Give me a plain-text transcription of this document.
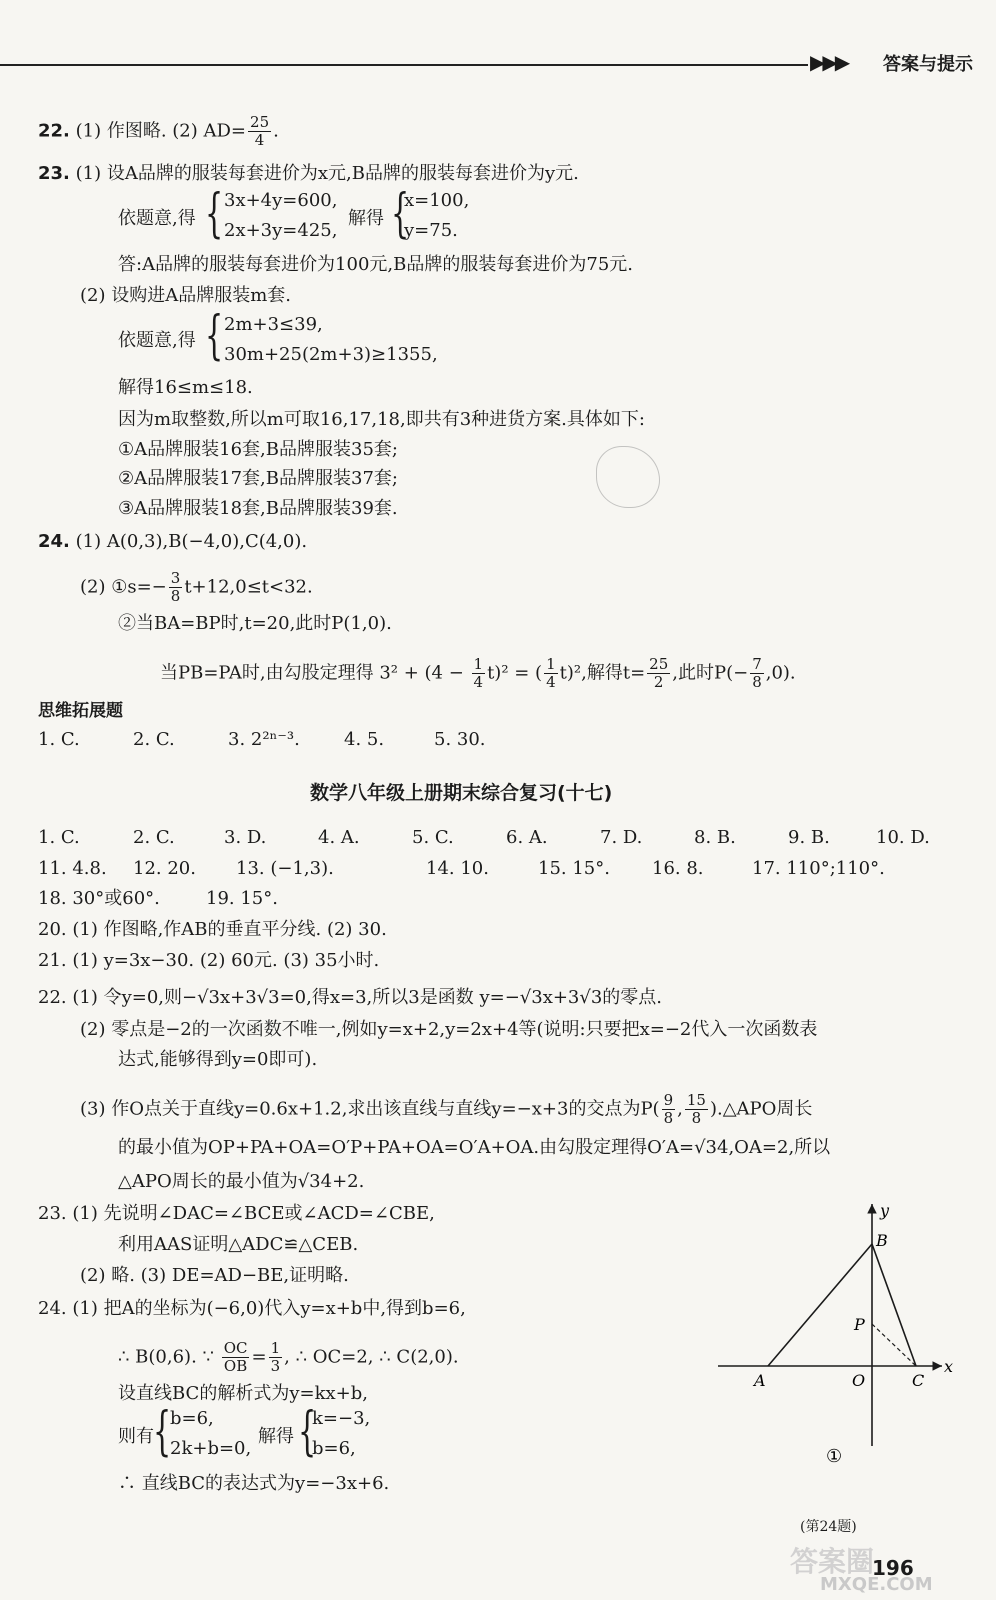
▶▶▶ 答案与提示
22. (1) 作图略. (2) $AD= \frac{25}{4}$ .
23. (1) 设A品牌的服装每套进价为x元,B品牌的服装每套进价为y元.
依题意,得 { 3x+4y=600,
2x+3y=425,
解得 {
x=100,
y=75.
答:A品牌的服装每套进价为100元,B品牌的服装每套进价为75元.
(2) 设购进A品牌服装m套.
依题意,得 { 2m+3≤39,
30m+25(2m+3)≥1355,
解得16≤m≤18.
因为m取整数,所以m可取16,17,18,即共有3种进货方案.具体如下:
①A品牌服装16套,B品牌服装35套;
②A品牌服装17套,B品牌服装37套;
③A品牌服装18套,B品牌服装39套.
24. (1) A(0,3),B(−4,0),C(4,0).
(2) ①s=− $\frac{3}{8} t+12,0\le t<32$.
②当BA=BP时,t=20,此时P(1,0).
当PB=PA时,由勾股定理得 $3^2 + (4 - \frac{1}{4} t)^2$ = ( $\frac{1}{4} t)^2$,解得$t= \frac{25}{2}$ ,此时$P(- \frac{7}{8} ,0)$.
思维拓展题
1. C.	2. C.	3. 2²ⁿ⁻³. 4. 5.	5. 30.
数学八年级上册期末综合复习(十七)
1. C.	2. C.	3. D.	4. A.	5. C.	6. A.	7. D.	8. B.	9. B.	10. D.
11. 4.8. 12. 20. 13. (−1,3).	14. 10.	15. 15°. 16. 8.	17. 110°;110°.
18. 30°或60°.	19. 15°.
20. (1) 作图略,作AB的垂直平分线. (2) 30.
21. (1) y=3x−30. (2) 60元. (3) 35小时.
22. (1) 令y=0,则−√3x+3√3=0,得x=3,所以3是函数 y=−√3x+3√3的零点.
(2) 零点是−2的一次函数不唯一,例如y=x+2,y=2x+4等(说明:只要把x=−2代入一次函数表
达式,能够得到y=0即可).
(3) 作O点关于直线y=0.6x+1.2,求出该直线与直线y=−x+3的交点为$P( \frac{9}{8}$ , $\frac{15}{8}$ ).△APO周长
的最小值为OP+PA+OA=O′P+PA+OA=O′A+OA.由勾股定理得O′A=√34,OA=2,所以
△APO周长的最小值为√34+2.
23. (1) 先说明∠DAC=∠BCE或∠ACD=∠CBE,
利用AAS证明△ADC≌△CEB.
(2) 略. (3) DE=AD−BE,证明略.
24. (1) 把A的坐标为(−6,0)代入y=x+b中,得到b=6,
∴ B(0,6). ∵ $\frac{OC}{OB} = \frac{1}{3}$ , ∴ OC=2, ∴ C(2,0).
设直线BC的解析式为y=kx+b,
则有 {
b=6,
2k+b=0,
解得 {
k=−3,
b=6,
∴ 直线BC的表达式为y=−3x+6.
y
x
B
P
A	O	C
①
(第24题)
答案圈
MXQE.COM
196
